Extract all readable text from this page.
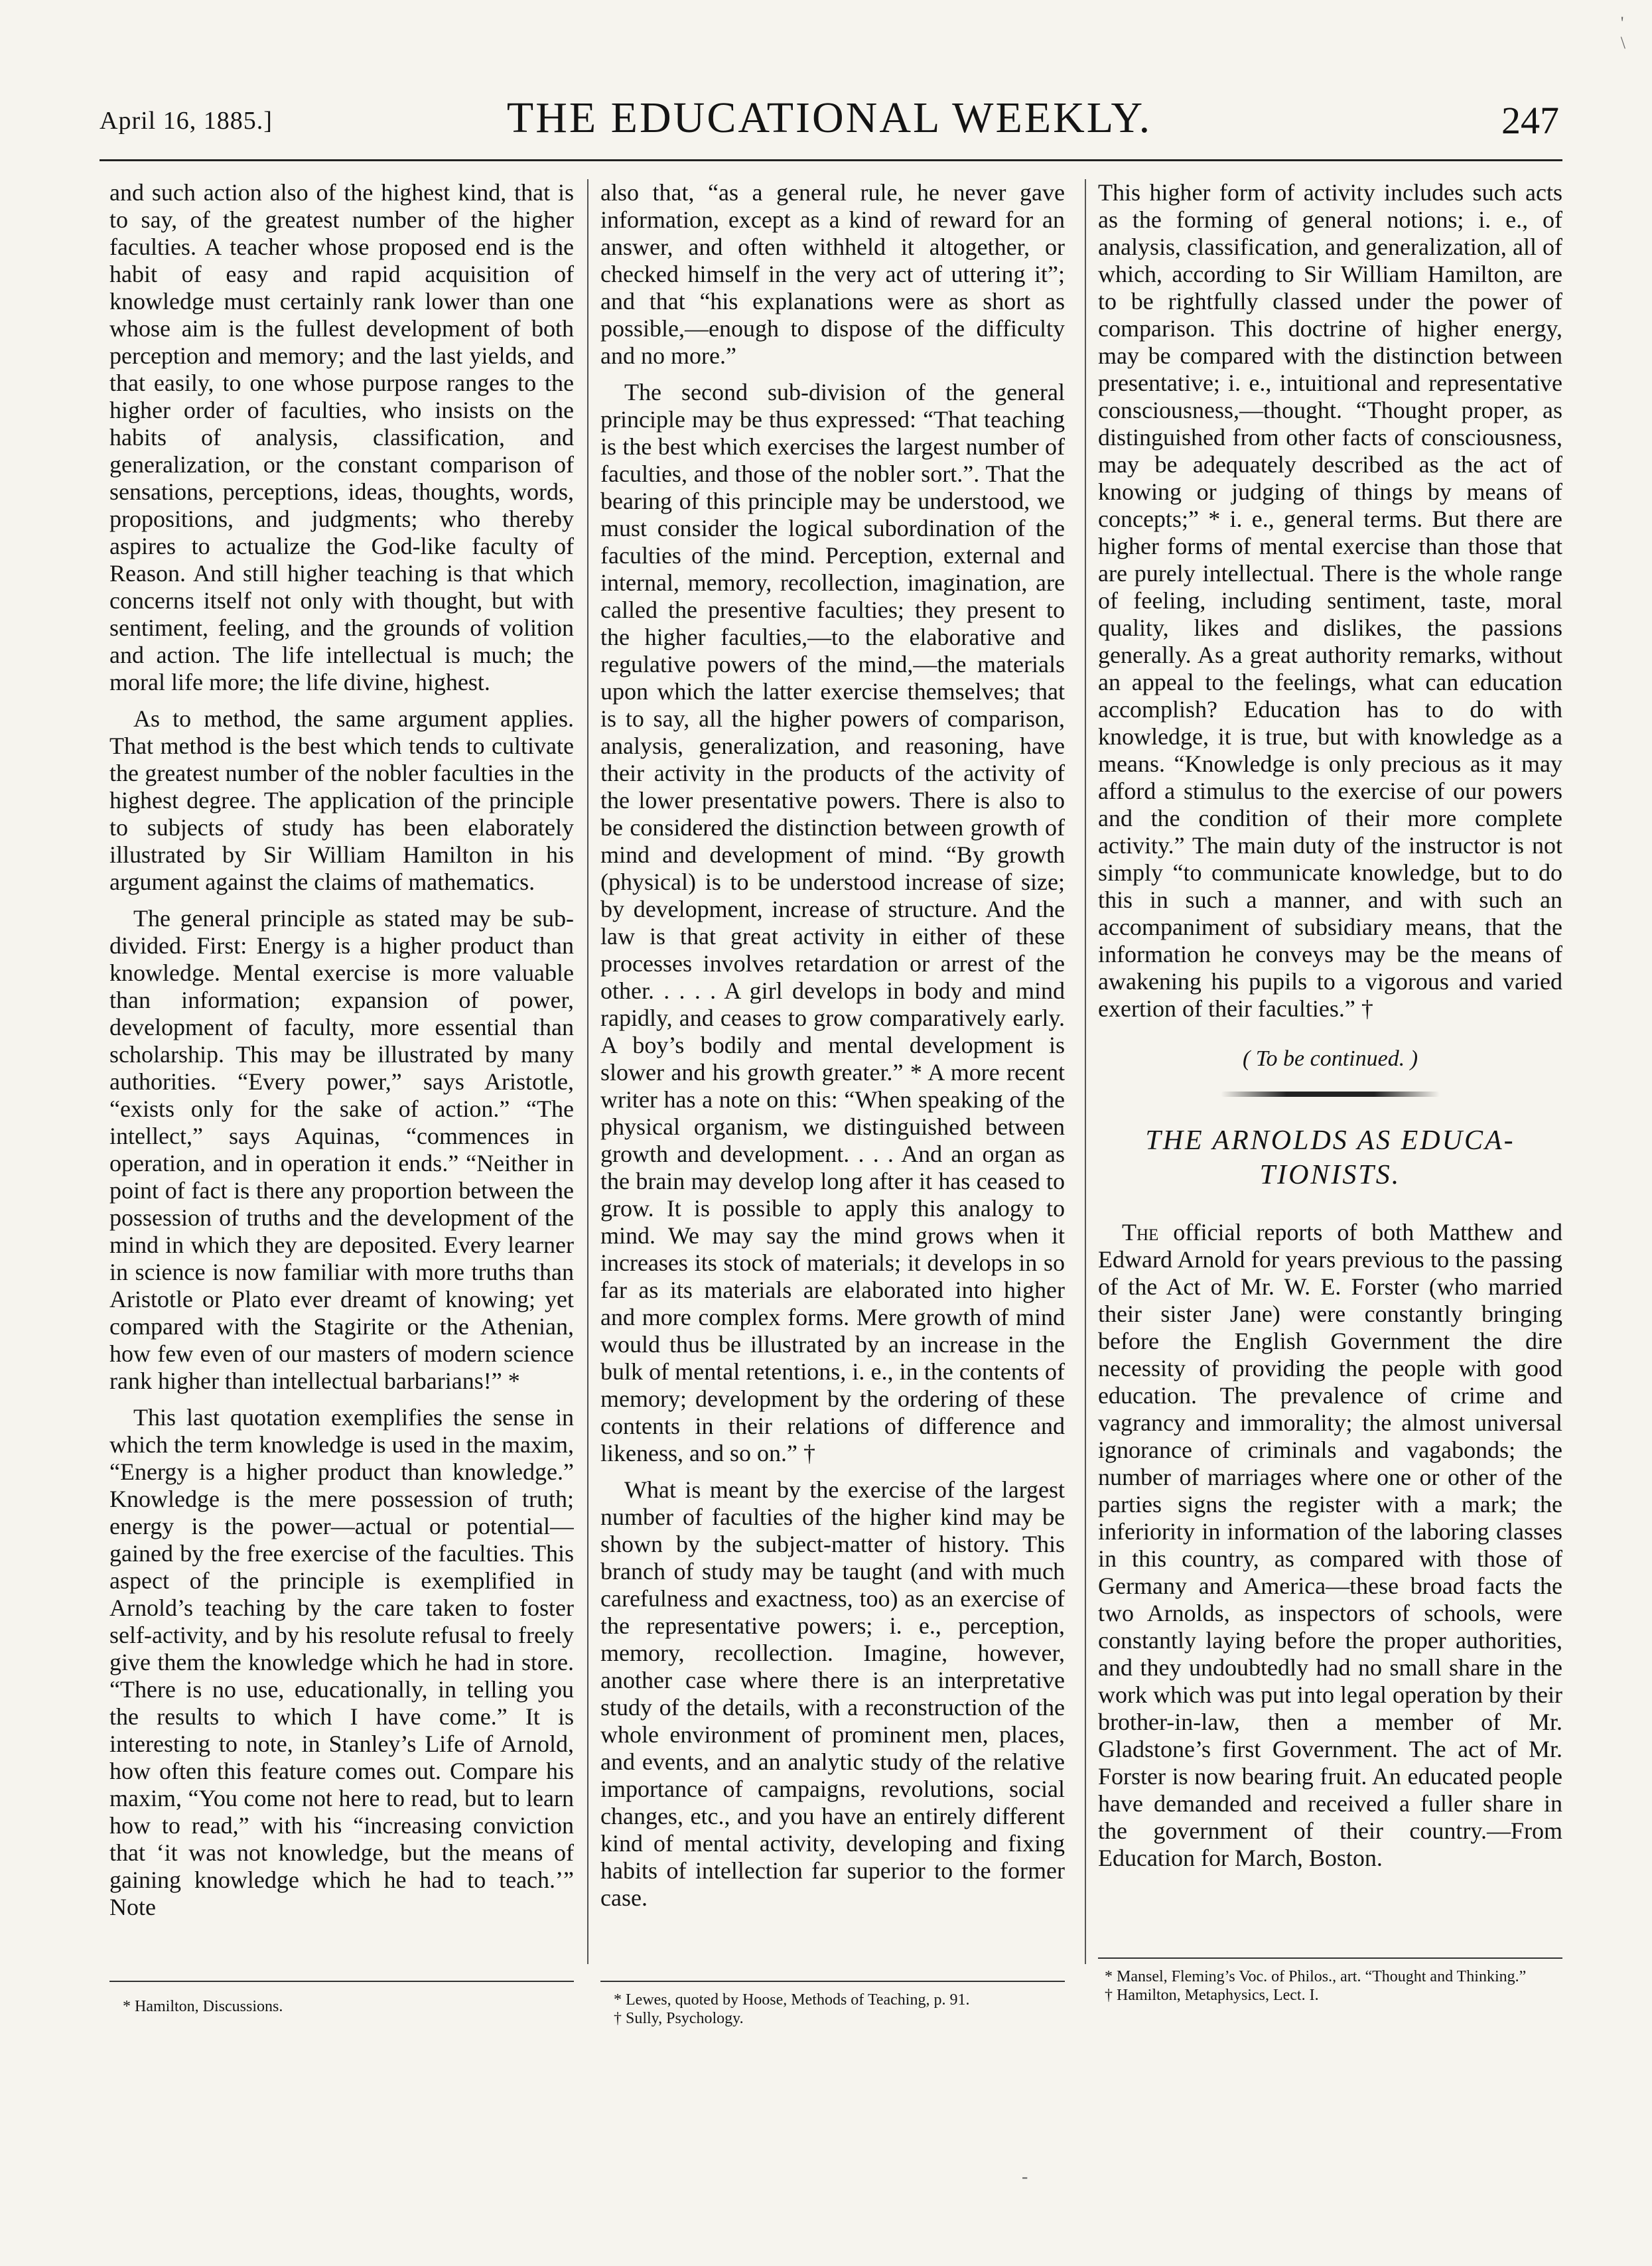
'
\
April 16, 1885.]	THE EDUCATIONAL WEEKLY.	247

and such action also of the highest kind, that is to say, of the greatest number of the higher faculties. A teacher whose proposed end is the habit of easy and rapid acquisition of knowledge must certainly rank lower than one whose aim is the fullest development of both perception and memory; and the last yields, and that easily, to one whose purpose ranges to the higher order of faculties, who insists on the habits of analysis, classification, and generalization, or the constant comparison of sensations, perceptions, ideas, thoughts, words, propositions, and judgments; who thereby aspires to actualize the God-like faculty of Reason. And still higher teaching is that which concerns itself not only with thought, but with sentiment, feeling, and the grounds of volition and action. The life intellectual is much; the moral life more; the life divine, highest.

As to method, the same argument applies. That method is the best which tends to cultivate the greatest number of the nobler faculties in the highest degree. The application of the principle to subjects of study has been elaborately illustrated by Sir William Hamilton in his argument against the claims of mathematics.

The general principle as stated may be sub-divided. First: Energy is a higher product than knowledge. Mental exercise is more valuable than information; expansion of power, development of faculty, more essential than scholarship. This may be illustrated by many authorities. “Every power,” says Aristotle, “exists only for the sake of action.” “The intellect,” says Aquinas, “commences in operation, and in operation it ends.” “Neither in point of fact is there any proportion between the possession of truths and the development of the mind in which they are deposited. Every learner in science is now familiar with more truths than Aristotle or Plato ever dreamt of knowing; yet compared with the Stagirite or the Athenian, how few even of our masters of modern science rank higher than intellectual barbarians!” *

This last quotation exemplifies the sense in which the term knowledge is used in the maxim, “Energy is a higher product than knowledge.” Knowledge is the mere possession of truth; energy is the power—actual or potential—gained by the free exercise of the faculties. This aspect of the principle is exemplified in Arnold’s teaching by the care taken to foster self-activity, and by his resolute refusal to freely give them the knowledge which he had in store. “There is no use, educationally, in telling you the results to which I have come.” It is interesting to note, in Stanley’s Life of Arnold, how often this feature comes out. Compare his maxim, “You come not here to read, but to learn how to read,” with his “increasing conviction that ‘it was not knowledge, but the means of gaining knowledge which he had to teach.’” Note

also that, “as a general rule, he never gave information, except as a kind of reward for an answer, and often withheld it altogether, or checked himself in the very act of uttering it”; and that “his explanations were as short as possible,—enough to dispose of the difficulty and no more.”

The second sub-division of the general principle may be thus expressed: “That teaching is the best which exercises the largest number of faculties, and those of the nobler sort.”. That the bearing of this principle may be understood, we must consider the logical subordination of the faculties of the mind. Perception, external and internal, memory, recollection, imagination, are called the presentive faculties; they present to the higher faculties,—to the elaborative and regulative powers of the mind,—the materials upon which the latter exercise themselves; that is to say, all the higher powers of comparison, analysis, generalization, and reasoning, have their activity in the products of the activity of the lower presentative powers. There is also to be considered the distinction between growth of mind and development of mind. “By growth (physical) is to be understood increase of size; by development, increase of structure. And the law is that great activity in either of these processes involves retardation or arrest of the other. . . . . A girl develops in body and mind rapidly, and ceases to grow comparatively early. A boy’s bodily and mental development is slower and his growth greater.” * A more recent writer has a note on this: “When speaking of the physical organism, we distinguished between growth and development. . . . And an organ as the brain may develop long after it has ceased to grow. It is possible to apply this analogy to mind. We may say the mind grows when it increases its stock of materials; it develops in so far as its materials are elaborated into higher and more complex forms. Mere growth of mind would thus be illustrated by an increase in the bulk of mental retentions, i. e., in the contents of memory; development by the ordering of these contents in their relations of difference and likeness, and so on.” †

What is meant by the exercise of the largest number of faculties of the higher kind may be shown by the subject-matter of history. This branch of study may be taught (and with much carefulness and exactness, too) as an exercise of the representative powers; i. e., perception, memory, recollection. Imagine, however, another case where there is an interpretative study of the details, with a reconstruction of the whole environment of prominent men, places, and events, and an analytic study of the relative importance of campaigns, revolutions, social changes, etc., and you have an entirely different kind of mental activity, developing and fixing habits of intellection far superior to the former case.

This higher form of activity includes such acts as the forming of general notions; i. e., of analysis, classification, and generalization, all of which, according to Sir William Hamilton, are to be rightfully classed under the power of comparison. This doctrine of higher energy, may be compared with the distinction between presentative; i. e., intuitional and representative consciousness,—thought. “Thought proper, as distinguished from other facts of consciousness, may be adequately described as the act of knowing or judging of things by means of concepts;” * i. e., general terms. But there are higher forms of mental exercise than those that are purely intellectual. There is the whole range of feeling, including sentiment, taste, moral quality, likes and dislikes, the passions generally. As a great authority remarks, without an appeal to the feelings, what can education accomplish? Education has to do with knowledge, it is true, but with knowledge as a means. “Knowledge is only precious as it may afford a stimulus to the exercise of our powers and the condition of their more complete activity.” The main duty of the instructor is not simply “to communicate knowledge, but to do this in such a manner, and with such an accompaniment of subsidiary means, that the information he conveys may be the means of awakening his pupils to a vigorous and varied exertion of their faculties.” †

( To be continued. )
THE ARNOLDS AS EDUCA-
TIONISTS.

The official reports of both Matthew and Edward Arnold for years previous to the passing of the Act of Mr. W. E. Forster (who married their sister Jane) were constantly bringing before the English Government the dire necessity of providing the people with good education. The prevalence of crime and vagrancy and immorality; the almost universal ignorance of criminals and vagabonds; the number of marriages where one or other of the parties signs the register with a mark; the inferiority in information of the laboring classes in this country, as compared with those of Germany and America—these broad facts the two Arnolds, as inspectors of schools, were constantly laying before the proper authorities, and they undoubtedly had no small share in the work which was put into legal operation by their brother-in-law, then a member of Mr. Gladstone’s first Government. The act of Mr. Forster is now bearing fruit. An educated people have demanded and received a fuller share in the government of their country.—From Education for March, Boston.

* Hamilton, Discussions.	* Lewes, quoted by Hoose, Methods of Teaching, p. 91.
† Sully, Psychology.
* Mansel, Fleming’s Voc. of Philos., art. “Thought and Thinking.”
† Hamilton, Metaphysics, Lect. I.
-
